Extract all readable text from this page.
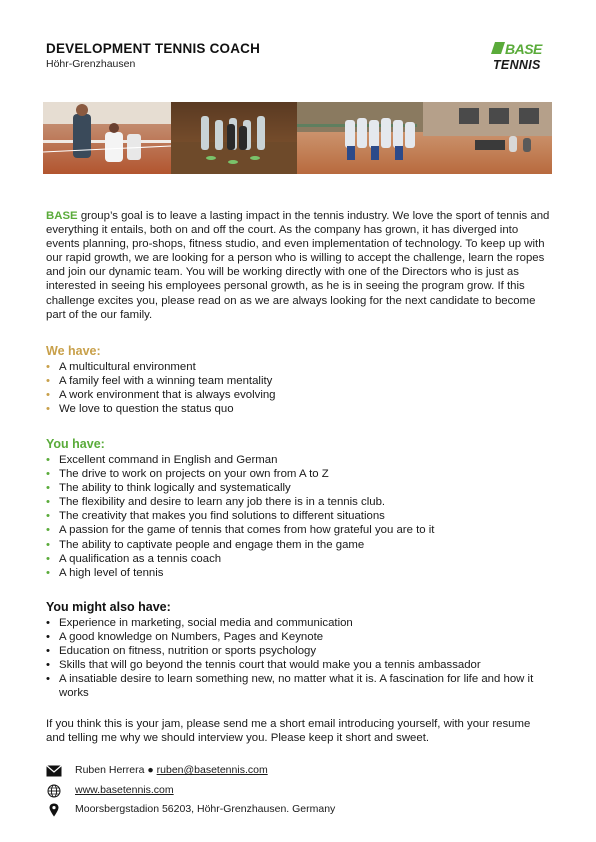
DEVELOPMENT TENNIS COACH
Höhr-Grenzhausen
BASE
TENNIS
BASE group’s goal is to leave a lasting impact in the tennis industry. We love the sport of tennis and everything it entails, both on and off the court. As the company has grown, it has diverged into events planning, pro-shops, fitness studio, and even implementation of technology. To keep up with our rapid growth, we are looking for a person who is willing to accept the challenge, learn the ropes and join our dynamic team. You will be working directly with one of the Directors who is just as interested in seeing his employees personal growth, as he is in seeing the program grow. If this challenge excites you, please read on as we are always looking for the next candidate to become part of the our family.
We have:
• A multicultural environment
• A family feel with a winning team mentality
• A work environment that is always evolving
• We love to question the status quo
You have:
• Excellent command in English and German
• The drive to work on projects on your own from A to Z
• The ability to think logically and systematically
• The flexibility and desire to learn any job there is in a tennis club.
• The creativity that makes you find solutions to different situations
• A passion for the game of tennis that comes from how grateful you are to it
• The ability to captivate people and engage them in the game
• A qualification as a tennis coach
• A high level of tennis
You might also have:
• Experience in marketing, social media and communication
• A good knowledge on Numbers, Pages and Keynote
• Education on fitness, nutrition or sports psychology
• Skills that will go beyond the tennis court that would make you a tennis ambassador
• A insatiable desire to learn something new, no matter what it is. A fascination for life and how it works
If you think this is your jam, please send me a short email introducing yourself, with your resume and telling me why we should interview you. Please keep it short and sweet.
Ruben Herrera ● ruben@basetennis.com
www.basetennis.com
Moorsbergstadion 56203, Höhr-Grenzhausen. Germany
